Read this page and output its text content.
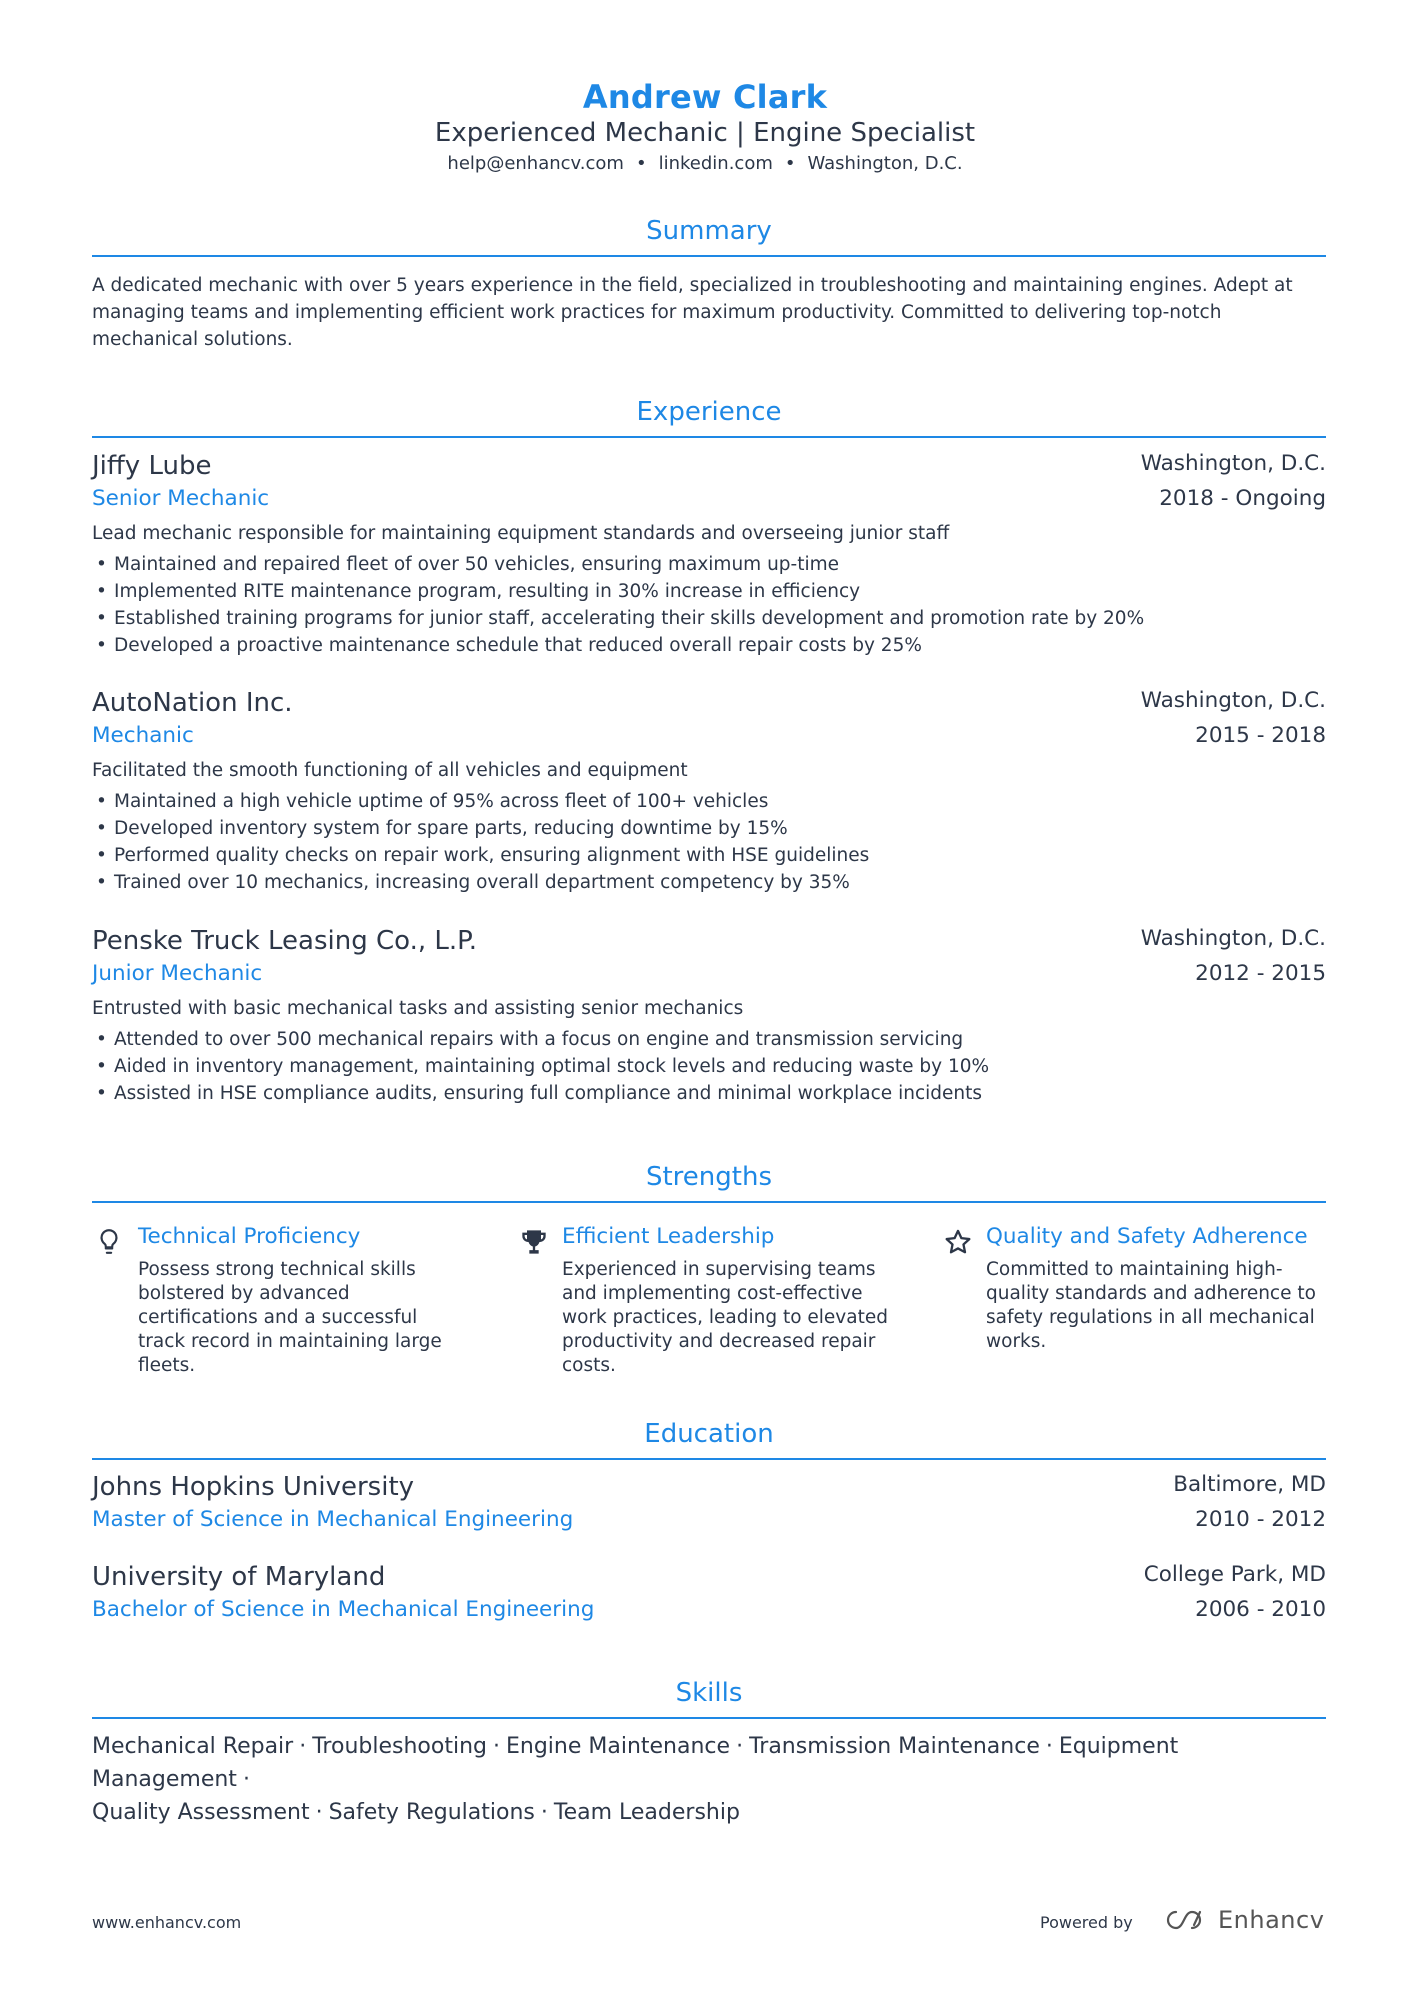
Andrew Clark
Experienced Mechanic | Engine Specialist
help@enhancv.com • linkedin.com • Washington, D.C.
Summary
A dedicated mechanic with over 5 years experience in the field, specialized in troubleshooting and maintaining engines. Adept at managing teams and implementing efficient work practices for maximum productivity. Committed to delivering top-notch mechanical solutions.
Experience
Jiffy Lube	Washington, D.C.
Senior Mechanic	2018 - Ongoing
Lead mechanic responsible for maintaining equipment standards and overseeing junior staff
• Maintained and repaired fleet of over 50 vehicles, ensuring maximum up-time
• Implemented RITE maintenance program, resulting in 30% increase in efficiency
• Established training programs for junior staff, accelerating their skills development and promotion rate by 20%
• Developed a proactive maintenance schedule that reduced overall repair costs by 25%
AutoNation Inc.	Washington, D.C.
Mechanic	2015 - 2018
Facilitated the smooth functioning of all vehicles and equipment
• Maintained a high vehicle uptime of 95% across fleet of 100+ vehicles
• Developed inventory system for spare parts, reducing downtime by 15%
• Performed quality checks on repair work, ensuring alignment with HSE guidelines
• Trained over 10 mechanics, increasing overall department competency by 35%
Penske Truck Leasing Co., L.P.	Washington, D.C.
Junior Mechanic	2012 - 2015
Entrusted with basic mechanical tasks and assisting senior mechanics
• Attended to over 500 mechanical repairs with a focus on engine and transmission servicing
• Aided in inventory management, maintaining optimal stock levels and reducing waste by 10%
• Assisted in HSE compliance audits, ensuring full compliance and minimal workplace incidents
Strengths
Technical Proficiency
Possess strong technical skills bolstered by advanced certifications and a successful track record in maintaining large fleets.
Efficient Leadership
Experienced in supervising teams and implementing cost-effective work practices, leading to elevated productivity and decreased repair costs.
Quality and Safety Adherence
Committed to maintaining high-quality standards and adherence to safety regulations in all mechanical works.
Education
Johns Hopkins University	Baltimore, MD
Master of Science in Mechanical Engineering	2010 - 2012
University of Maryland	College Park, MD
Bachelor of Science in Mechanical Engineering	2006 - 2010
Skills
Mechanical Repair · Troubleshooting · Engine Maintenance · Transmission Maintenance · Equipment Management ·
Quality Assessment · Safety Regulations · Team Leadership
www.enhancv.com	Powered by	Enhancv
